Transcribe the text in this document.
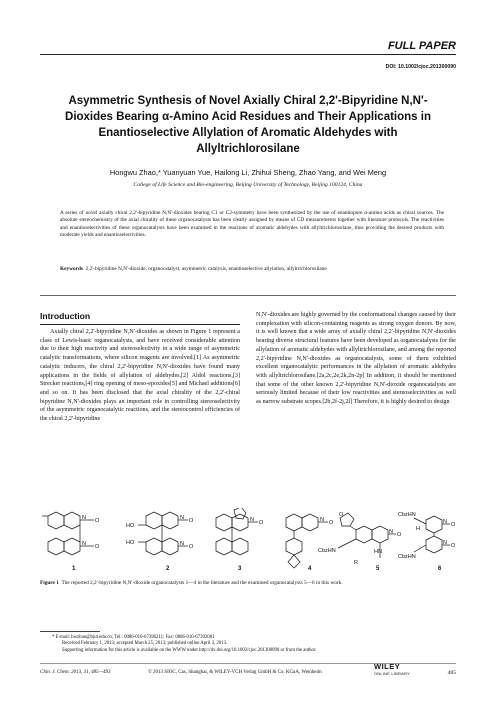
FULL PAPER
DOI: 10.1002/cjoc.201300090
Asymmetric Synthesis of Novel Axially Chiral 2,2'-Bipyridine N,N'-Dioxides Bearing α-Amino Acid Residues and Their Applications in Enantioselective Allylation of Aromatic Aldehydes with Allyltrichlorosilane
Hongwu Zhao,* Yuanyuan Yue, Hailong Li, Zhihui Sheng, Zhao Yang, and Wei Meng
College of Life Science and Bio-engineering, Beijing University of Technology, Beijing 100124, China
A series of novel axially chiral 2,2'-bipyridine N,N'-dioxides bearing C1 or C2-symmetry have been synthesized by the use of enantiopure α-amino acids as chiral sources. The absolute stereochemistry of the axial chirality of these organocatalysts has been clearly assigned by means of CD measurements together with literature protocols. The reactivities and enantioselectivities of these organocatalysts have been examined in the reactions of aromatic aldehydes with allyltrichlorosilane, thus providing the desired products with moderate yields and enantioselectivities.
Keywords 2,2'-bipyridine N,N'-dioxide, organocatalyst, asymmetric catalysis, enantioselective allylation, allyltrichlorosilane
Introduction
Axially chiral 2,2'-bipyridine N,N'-dioxides as shown in Figure 1 represent a class of Lewis-basic organocatalysts, and have received considerable attention due to their high reactivity and stereoselectivity in a wide range of asymmetric catalytic transformations, where silicon reagents are involved.[1] As asymmetric catalytic inducers, the chiral 2,2'-bipyridine N,N'-dioxides have found many applications in the fields of allylation of aldehydes,[2] Aldol reactions,[3] Strecker reactions,[4] ring opening of meso-epoxides[5] and Michael additions[6] and so on. It has been disclosed that the axial chirality of the 2,2'-chiral bipyridine N,N'-dioxides plays an important role in controlling stereoselectivity of the asymmetric organocatalytic reactions, and the stereocontrol efficiencies of the chiral 2,2'-bipyridine
N,N'-dioxides are highly governed by the conformational changes caused by their complexation with silicon-containing reagents as strong oxygen donors. By now, it is well known that a wide array of axially chiral 2,2'-bipyridine N,N'-dioxides bearing diverse structural features have been developed as organocatalysts for the allylation of aromatic aldehydes with allyltrichlorosilane, and among the reported 2,2'-bipyridine N,N'-dioxides as organocatalysts, some of them exhibited excellent organocatalytic performances in the allylation of aromatic aldehydes with allyltrichlorosilane.[2a,2c,2e,2k,2n-2p] In addition, it should be mentioned that some of the other known 2,2'-bipyridine N,N'-dioxide organocatalysts are seriously limited because of their low reactivities and stereoselectivities as well as narrow substrate scopes.[2b,2f-2j,2l] Therefore, it is highly desired to design
N O
N O
N O
N O
HO
HO
N O	N O
O
CbzHN	HN
N O
R
CbzHN
H
CbzHN
N O
N O
1	2	3	4	5	6
Figure 1 The reported 2,2'-bipyridine N,N'-dioxide organocatalysts 1—4 in the literature and the examined organocatalysts 5—6 in this work.
* E-mail: hwzhao@bjut.edu.cn; Tel.: 0086-010-67396211; Fax: 0086-010-67392001
Received February 1, 2013; accepted March 25, 2013; published online April 3, 2013.
Supporting information for this article is available on the WWW under http://dx.doi.org/10.1002/cjoc.201300090 or from the author.
Chin. J. Chem. 2013, 31, 485—493	© 2013 SIOC, Cas, Shanghai, & WILEY-VCH Verlag GmbH & Co. KGaA, Weinheim
WILEY
ONLINE LIBRARY	485
